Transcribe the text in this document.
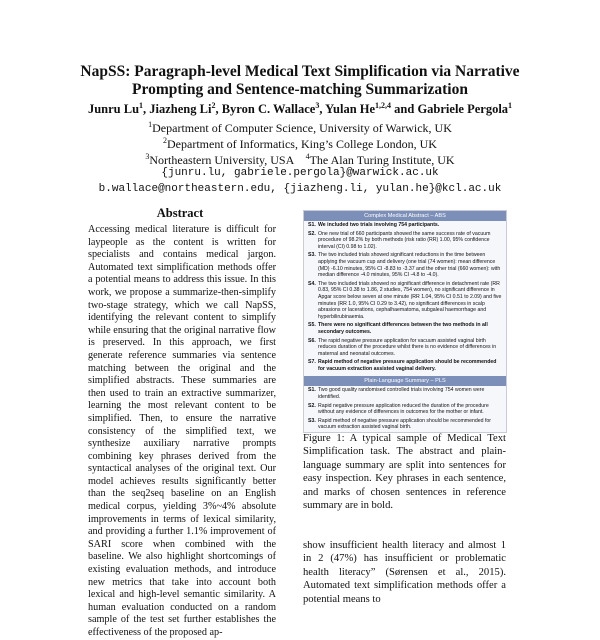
NapSS: Paragraph-level Medical Text Simplification via Narrative
Prompting and Sentence-matching Summarization
Junru Lu$^1$, Jiazheng Li$^2$, Byron C. Wallace$^3$, Yulan He$^{1,2,4}$ and Gabriele Pergola$^1$
$^1$Department of Computer Science, University of Warwick, UK
$^2$Department of Informatics, King’s College London, UK
$^3$Northeastern University, USA $^4$The Alan Turing Institute, UK
{junru.lu, gabriele.pergola}@warwick.ac.uk
b.wallace@northeastern.edu, {jiazheng.li, yulan.he}@kcl.ac.uk
Abstract

Accessing medical literature is difficult for laypeople as the content is written for specialists and contains medical jargon. Automated text simplification methods offer a potential means to address this issue. In this work, we propose a summarize-then-simplify two-stage strategy, which we call NapSS, identifying the relevant content to simplify while ensuring that the original narrative flow is preserved. In this approach, we first generate reference summaries via sentence matching between the original and the simplified abstracts. These summaries are then used to train an extractive summarizer, learning the most relevant content to be simplified. Then, to ensure the narrative consistency of the simplified text, we synthesize auxiliary narrative prompts combining key phrases derived from the syntactical analyses of the original text. Our model achieves results significantly better than the seq2seq baseline on an English medical corpus, yielding 3%~4% absolute improvements in terms of lexical similarity, and providing a further 1.1% improvement of SARI score when combined with the baseline. We also highlight shortcomings of existing evaluation methods, and introduce new metrics that take into account both lexical and high-level semantic similarity. A human evaluation conducted on a random sample of the test set further establishes the effectiveness of the proposed ap-

Complex Medical Abstract – ABS
S1. We included two trials involving 754 participants.
S2. One new trial of 660 participants showed the same success rate of vacuum procedure of 98.2% by both methods (risk ratio (RR) 1.00, 95% confidence interval (CI) 0.98 to 1.02).
S3. The two included trials showed significant reductions in the time between applying the vacuum cup and delivery (one trial (74 women): mean difference (MD) -6.10 minutes, 95% CI -8.83 to -3.37 and the other trial (660 women): with median difference -4.0 minutes, 95% CI -4.8 to -4.0).
S4. The two included trials showed no significant difference in detachment rate (RR 0.83, 95% CI 0.38 to 1.86, 2 studies, 754 women), no significant difference in Apgar score below seven at one minute (RR 1.04, 95% CI 0.51 to 2.09) and five minutes (RR 1.0, 95% CI 0.29 to 3.42), no significant differences in scalp abrasions or lacerations, cephalhaematoma, subgaleal haemorrhage and hyperbilirubinaemia.
S5. There were no significant differences between the two methods in all secondary outcomes.
S6. The rapid negative pressure application for vacuum assisted vaginal birth reduces duration of the procedure whilst there is no evidence of differences in maternal and neonatal outcomes.
S7. Rapid method of negative pressure application should be recommended for vacuum extraction assisted vaginal delivery.
Plain-Language Summary – PLS
S1. Two good quality randomised controlled trials involving 754 women were identified.
S2. Rapid negative pressure application reduced the duration of the procedure without any evidence of differences in outcomes for the mother or infant.
S3. Rapid method of negative pressure application should be recommended for vacuum extraction assisted vaginal birth.

Figure 1: A typical sample of Medical Text Simplification task. The abstract and plain-language summary are split into sentences for easy inspection. Key phrases in each sentence, and marks of chosen sentences in reference summary are in bold.

show insufficient health literacy and almost 1 in 2 (47%) has insufficient or problematic health literacy” (Sørensen et al., 2015). Automated text simplification methods offer a potential means to
